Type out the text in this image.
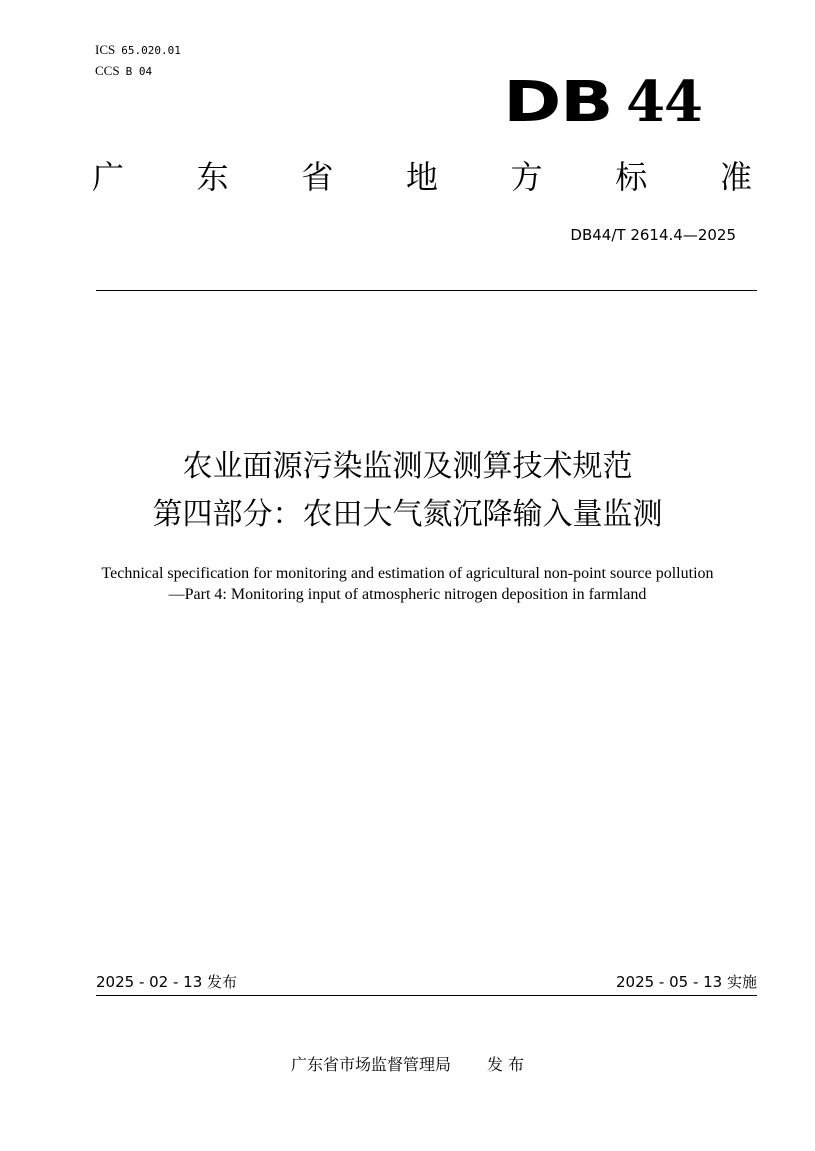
ICS 65.020.01
CCS B 04	DB 44
广 东 省 地 方 标 准
DB44/T 2614.4—2025
农业面源污染监测及测算技术规范
第四部分：农田大气氮沉降输入量监测
Technical specification for monitoring and estimation of agricultural non-point source pollution—Part 4: Monitoring input of atmospheric nitrogen deposition in farmland
2025 - 02 - 13 发布	2025 - 05 - 13 实施
广东省市场监督管理局 发 布
